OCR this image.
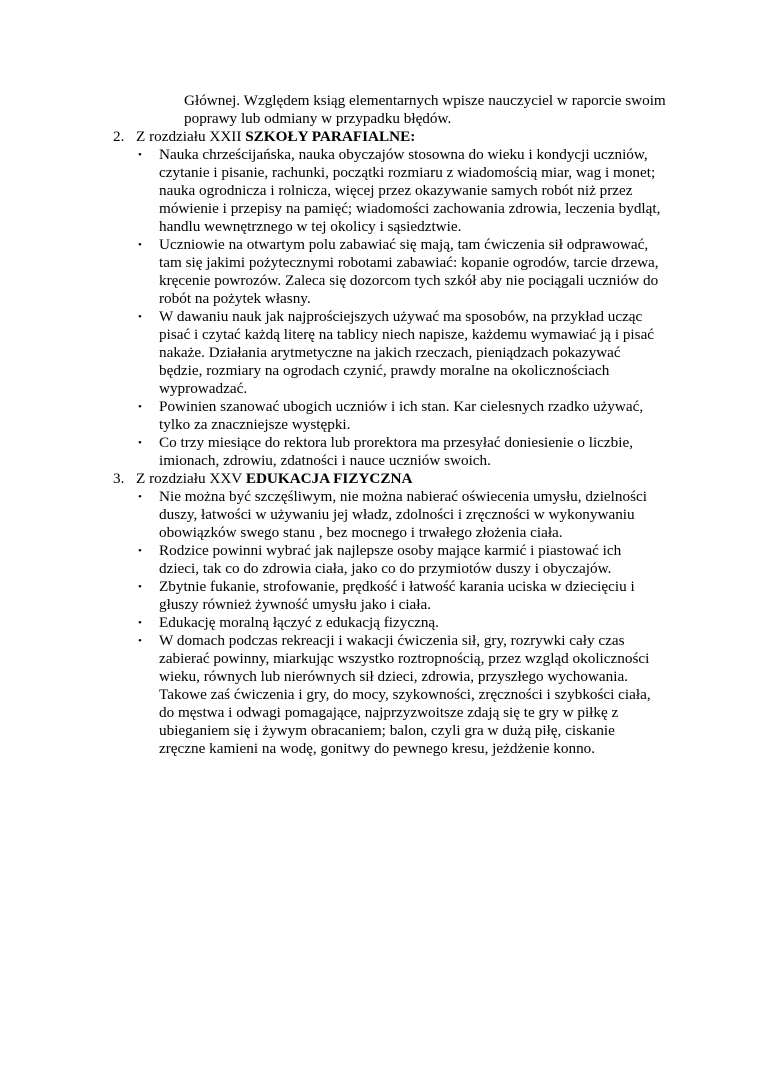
Głównej. Względem ksiąg elementarnych wpisze nauczyciel w raporcie swoim
poprawy lub odmiany w przypadku błędów.
2. Z rozdziału XXII SZKOŁY PARAFIALNE:
• Nauka chrześcijańska, nauka obyczajów stosowna do wieku i kondycji uczniów,
czytanie i pisanie, rachunki, początki rozmiaru z wiadomością miar, wag i monet;
nauka ogrodnicza i rolnicza, więcej przez okazywanie samych robót niż przez
mówienie i przepisy na pamięć; wiadomości zachowania zdrowia, leczenia bydląt,
handlu wewnętrznego w tej okolicy i sąsiedztwie.
• Uczniowie na otwartym polu zabawiać się mają, tam ćwiczenia sił odprawować,
tam się jakimi pożytecznymi robotami zabawiać: kopanie ogrodów, tarcie drzewa,
kręcenie powrozów. Zaleca się dozorcom tych szkół aby nie pociągali uczniów do
robót na pożytek własny.
• W dawaniu nauk jak najprościejszych używać ma sposobów, na przykład ucząc
pisać i czytać każdą literę na tablicy niech napisze, każdemu wymawiać ją i pisać
nakaże. Działania arytmetyczne na jakich rzeczach, pieniądzach pokazywać
będzie, rozmiary na ogrodach czynić, prawdy moralne na okolicznościach
wyprowadzać.
• Powinien szanować ubogich uczniów i ich stan. Kar cielesnych rzadko używać,
tylko za znaczniejsze występki.
• Co trzy miesiące do rektora lub prorektora ma przesyłać doniesienie o liczbie,
imionach, zdrowiu, zdatności i nauce uczniów swoich.
3. Z rozdziału XXV EDUKACJA FIZYCZNA
• Nie można być szczęśliwym, nie można nabierać oświecenia umysłu, dzielności
duszy, łatwości w używaniu jej władz, zdolności i zręczności w wykonywaniu
obowiązków swego stanu , bez mocnego i trwałego złożenia ciała.
• Rodzice powinni wybrać jak najlepsze osoby mające karmić i piastować ich
dzieci, tak co do zdrowia ciała, jako co do przymiotów duszy i obyczajów.
• Zbytnie fukanie, strofowanie, prędkość i łatwość karania uciska w dziecięciu i
głuszy również żywność umysłu jako i ciała.
• Edukację moralną łączyć z edukacją fizyczną.
• W domach podczas rekreacji i wakacji ćwiczenia sił, gry, rozrywki cały czas
zabierać powinny, miarkując wszystko roztropnością, przez wzgląd okoliczności
wieku, równych lub nierównych sił dzieci, zdrowia, przyszłego wychowania.
Takowe zaś ćwiczenia i gry, do mocy, szykowności, zręczności i szybkości ciała,
do męstwa i odwagi pomagające, najprzyzwoitsze zdają się te gry w piłkę z
ubieganiem się i żywym obracaniem; balon, czyli gra w dużą piłę, ciskanie
zręczne kamieni na wodę, gonitwy do pewnego kresu, jeżdżenie konno.
